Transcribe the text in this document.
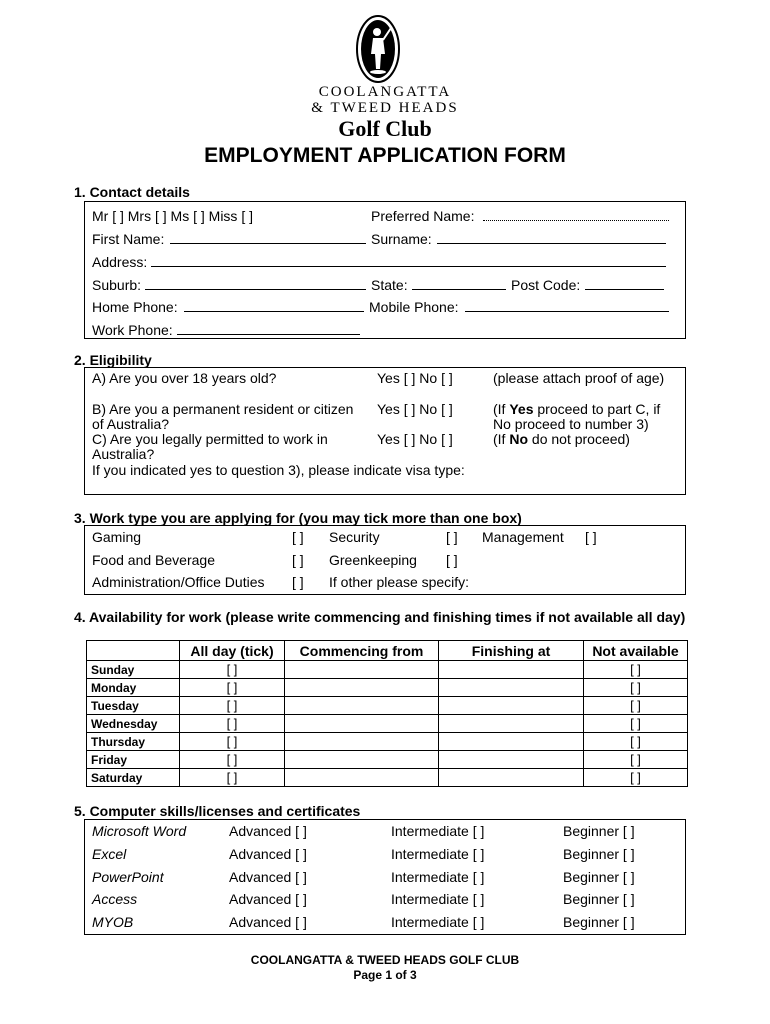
COOLANGATTA
& TWEED HEADS
Golf Club
EMPLOYMENT APPLICATION FORM
1. Contact details
Mr [ ] Mrs [ ] Ms [ ] Miss [ ]	Preferred Name:
First Name:	Surname:
Address:
Suburb:	State:	Post Code:
Home Phone:	Mobile Phone:
Work Phone:
2. Eligibility
A) Are you over 18 years old?	Yes [ ] No [ ]	(please attach proof of age)
B) Are you a permanent resident or citizen
of Australia?
Yes [ ] No [ ]	(If Yes proceed to part C, if
No proceed to number 3)
C) Are you legally permitted to work in
Australia?
Yes [ ] No [ ]	(If No do not proceed)
If you indicated yes to question 3), please indicate visa type:
3. Work type you are applying for (you may tick more than one box)
Gaming	[ ] Security	[ ] Management [ ]
Food and Beverage	[ ] Greenkeeping [ ]
Administration/Office Duties [ ] If other please specify:
4. Availability for work (please write commencing and finishing times if not available all day)
	All day (tick)	Commencing from	Finishing at	Not available
Sunday	[ ]			[ ]
Monday	[ ]			[ ]
Tuesday	[ ]			[ ]
Wednesday	[ ]			[ ]
Thursday	[ ]			[ ]
Friday	[ ]			[ ]
Saturday	[ ]			[ ]
5. Computer skills/licenses and certificates
Microsoft Word	Advanced [ ]	Intermediate [ ]	Beginner [ ]
Excel	Advanced [ ]	Intermediate [ ]	Beginner [ ]
PowerPoint	Advanced [ ]	Intermediate [ ]	Beginner [ ]
Access	Advanced [ ]	Intermediate [ ]	Beginner [ ]
MYOB	Advanced [ ]	Intermediate [ ]	Beginner [ ]
COOLANGATTA & TWEED HEADS GOLF CLUB
Page 1 of 3
